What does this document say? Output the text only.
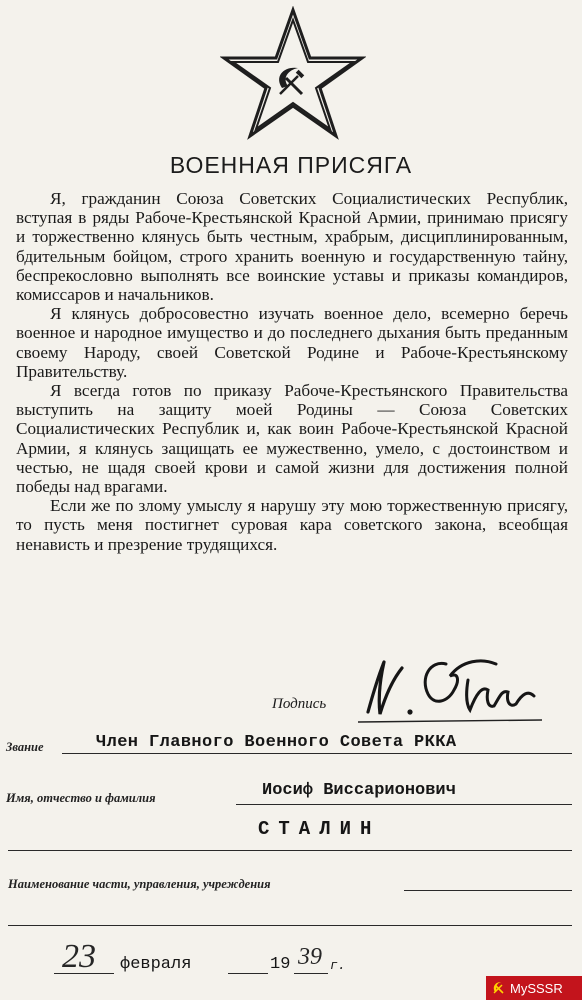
ВОЕННАЯ ПРИСЯГА

Я, гражданин Союза Советских Социалистических Республик, вступая в ряды Рабоче-Крестьянской Красной Армии, принимаю присягу и торжественно клянусь быть честным, храбрым, дисциплинированным, бдительным бойцом, строго хранить военную и государственную тайну, беспрекословно выполнять все воинские уставы и приказы командиров, комиссаров и начальников.

Я клянусь добросовестно изучать военное дело, всемерно беречь военное и народное имущество и до последнего дыхания быть преданным своему Народу, своей Советской Родине и Рабоче-Крестьянскому Правительству.

Я всегда готов по приказу Рабоче-Крестьянского Правительства выступить на защиту моей Родины — Союза Советских Социалистических Республик и, как воин Рабоче-Крестьянской Красной Армии, я клянусь защищать ее мужественно, умело, с достоинством и честью, не щадя своей крови и самой жизни для достижения полной победы над врагами.

Если же по злому умыслу я нарушу эту мою торжественную присягу, то пусть меня постигнет суровая кара советского закона, всеобщая ненависть и презрение трудящихся.

Подпись
Звание	Член Главного Военного Совета РККА
Имя, отчество и фамилия	Иосиф Виссарионович
СТАЛИН
Наименование части, управления, учреждения
23 февраля	19 39 г.
MySSSR
